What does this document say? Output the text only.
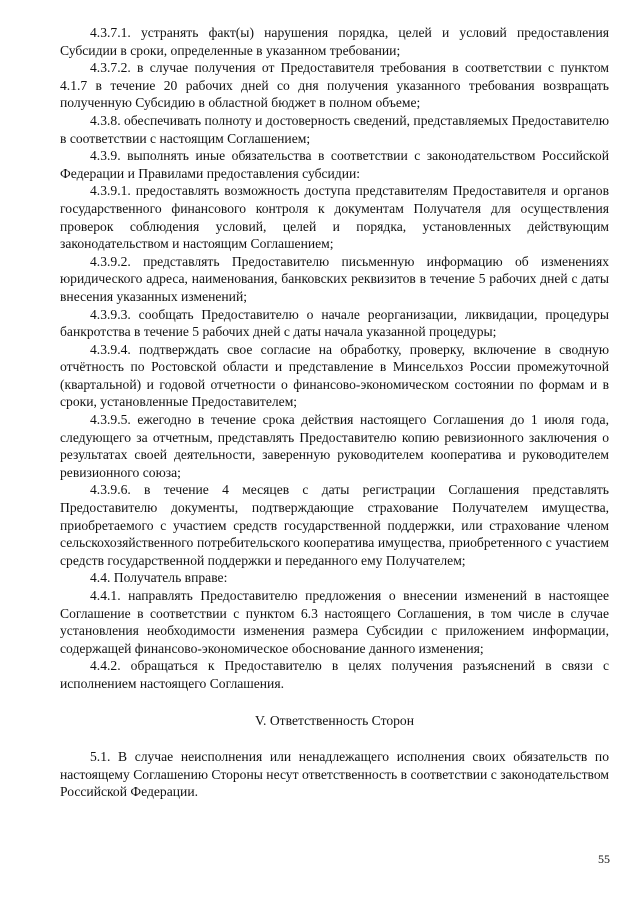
4.3.7.1. устранять факт(ы) нарушения порядка, целей и условий предоставления Субсидии в сроки, определенные в указанном требовании;

4.3.7.2. в случае получения от Предоставителя требования в соответствии с пунктом 4.1.7 в течение 20 рабочих дней со дня получения указанного требования возвращать полученную Субсидию в областной бюджет в полном объеме;

4.3.8. обеспечивать полноту и достоверность сведений, представляемых Предоставителю в соответствии с настоящим Соглашением;

4.3.9. выполнять иные обязательства в соответствии с законодательством Российской Федерации и Правилами предоставления субсидии:

4.3.9.1. предоставлять возможность доступа представителям Предоставителя и органов государственного финансового контроля к документам Получателя для осуществления проверок соблюдения условий, целей и порядка, установленных действующим законодательством и настоящим Соглашением;

4.3.9.2. представлять Предоставителю письменную информацию об изменениях юридического адреса, наименования, банковских реквизитов в течение 5 рабочих дней с даты внесения указанных изменений;

4.3.9.3. сообщать Предоставителю о начале реорганизации, ликвидации, процедуры банкротства в течение 5 рабочих дней с даты начала указанной процедуры;

4.3.9.4. подтверждать свое согласие на обработку, проверку, включение в сводную отчётность по Ростовской области и представление в Минсельхоз России промежуточной (квартальной) и годовой отчетности о финансово-экономическом состоянии по формам и в сроки, установленные Предоставителем;

4.3.9.5. ежегодно в течение срока действия настоящего Соглашения до 1 июля года, следующего за отчетным, представлять Предоставителю копию ревизионного заключения о результатах своей деятельности, заверенную руководителем кооператива и руководителем ревизионного союза;

4.3.9.6. в течение 4 месяцев с даты регистрации Соглашения представлять Предоставителю документы, подтверждающие страхование Получателем имущества, приобретаемого с участием средств государственной поддержки, или страхование членом сельскохозяйственного потребительского кооператива имущества, приобретенного с участием средств государственной поддержки и переданного ему Получателем;

4.4. Получатель вправе:

4.4.1. направлять Предоставителю предложения о внесении изменений в настоящее Соглашение в соответствии с пунктом 6.3 настоящего Соглашения, в том числе в случае установления необходимости изменения размера Субсидии с приложением информации, содержащей финансово-экономическое обоснование данного изменения;

4.4.2. обращаться к Предоставителю в целях получения разъяснений в связи с исполнением настоящего Соглашения.

V. Ответственность Сторон

5.1. В случае неисполнения или ненадлежащего исполнения своих обязательств по настоящему Соглашению Стороны несут ответственность в соответствии с законодательством Российской Федерации.

55
